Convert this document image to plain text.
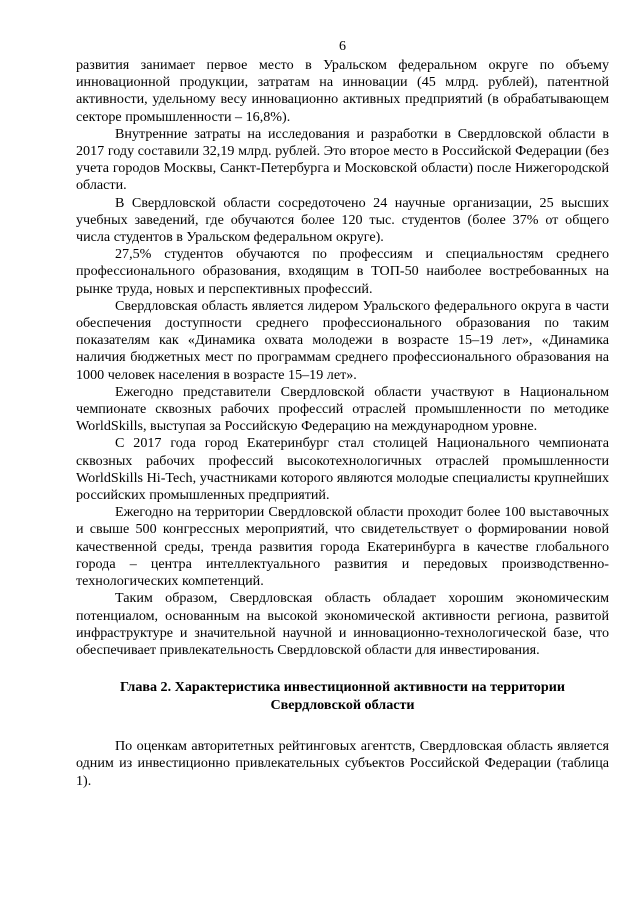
6

развития занимает первое место в Уральском федеральном округе по объему инновационной продукции, затратам на инновации (45 млрд. рублей), патентной активности, удельному весу инновационно активных предприятий (в обрабатывающем секторе промышленности – 16,8%).

Внутренние затраты на исследования и разработки в Свердловской области в 2017 году составили 32,19 млрд. рублей. Это второе место в Российской Федерации (без учета городов Москвы, Санкт-Петербурга и Московской области) после Нижегородской области.

В Свердловской области сосредоточено 24 научные организации, 25 высших учебных заведений, где обучаются более 120 тыс. студентов (более 37% от общего числа студентов в Уральском федеральном округе).

27,5% студентов обучаются по профессиям и специальностям среднего профессионального образования, входящим в ТОП-50 наиболее востребованных на рынке труда, новых и перспективных профессий.

Свердловская область является лидером Уральского федерального округа в части обеспечения доступности среднего профессионального образования по таким показателям как «Динамика охвата молодежи в возрасте 15–19 лет», «Динамика наличия бюджетных мест по программам среднего профессионального образования на 1000 человек населения в возрасте 15–19 лет».

Ежегодно представители Свердловской области участвуют в Национальном чемпионате сквозных рабочих профессий отраслей промышленности по методике WorldSkills, выступая за Российскую Федерацию на международном уровне.

С 2017 года город Екатеринбург стал столицей Национального чемпионата сквозных рабочих профессий высокотехнологичных отраслей промышленности WorldSkills Hi-Tech, участниками которого являются молодые специалисты крупнейших российских промышленных предприятий.

Ежегодно на территории Свердловской области проходит более 100 выставочных и свыше 500 конгрессных мероприятий, что свидетельствует о формировании новой качественной среды, тренда развития города Екатеринбурга в качестве глобального города – центра интеллектуального развития и передовых производственно-технологических компетенций.

Таким образом, Свердловская область обладает хорошим экономическим потенциалом, основанным на высокой экономической активности региона, развитой инфраструктуре и значительной научной и инновационно-технологической базе, что обеспечивает привлекательность Свердловской области для инвестирования.

Глава 2. Характеристика инвестиционной активности на территории Свердловской области

По оценкам авторитетных рейтинговых агентств, Свердловская область является одним из инвестиционно привлекательных субъектов Российской Федерации (таблица 1).
